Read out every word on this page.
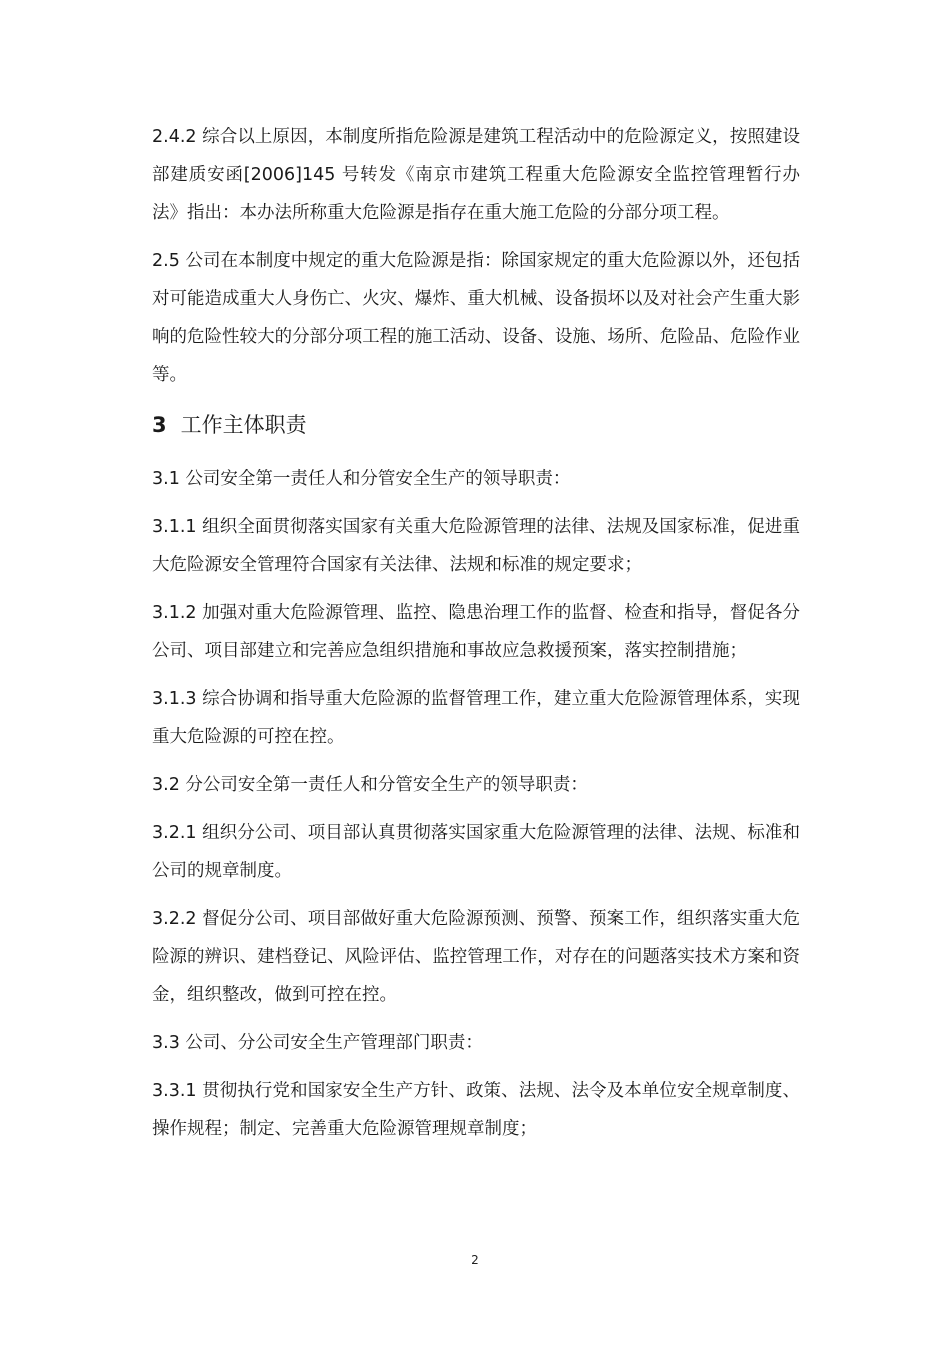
2.4.2 综合以上原因，本制度所指危险源是建筑工程活动中的危险源定义，按照建设部建质安函[2006]145 号转发《南京市建筑工程重大危险源安全监控管理暂行办法》指出：本办法所称重大危险源是指存在重大施工危险的分部分项工程。

2.5 公司在本制度中规定的重大危险源是指：除国家规定的重大危险源以外，还包括对可能造成重大人身伤亡、火灾、爆炸、重大机械、设备损坏以及对社会产生重大影响的危险性较大的分部分项工程的施工活动、设备、设施、场所、危险品、危险作业等。

3 工作主体职责

3.1 公司安全第一责任人和分管安全生产的领导职责：

3.1.1 组织全面贯彻落实国家有关重大危险源管理的法律、法规及国家标准，促进重大危险源安全管理符合国家有关法律、法规和标准的规定要求；

3.1.2 加强对重大危险源管理、监控、隐患治理工作的监督、检查和指导，督促各分公司、项目部建立和完善应急组织措施和事故应急救援预案，落实控制措施；

3.1.3 综合协调和指导重大危险源的监督管理工作，建立重大危险源管理体系，实现重大危险源的可控在控。

3.2 分公司安全第一责任人和分管安全生产的领导职责：

3.2.1 组织分公司、项目部认真贯彻落实国家重大危险源管理的法律、法规、标准和公司的规章制度。

3.2.2 督促分公司、项目部做好重大危险源预测、预警、预案工作，组织落实重大危险源的辨识、建档登记、风险评估、监控管理工作，对存在的问题落实技术方案和资金，组织整改，做到可控在控。

3.3 公司、分公司安全生产管理部门职责：

3.3.1 贯彻执行党和国家安全生产方针、政策、法规、法令及本单位安全规章制度、操作规程；制定、完善重大危险源管理规章制度；

2
